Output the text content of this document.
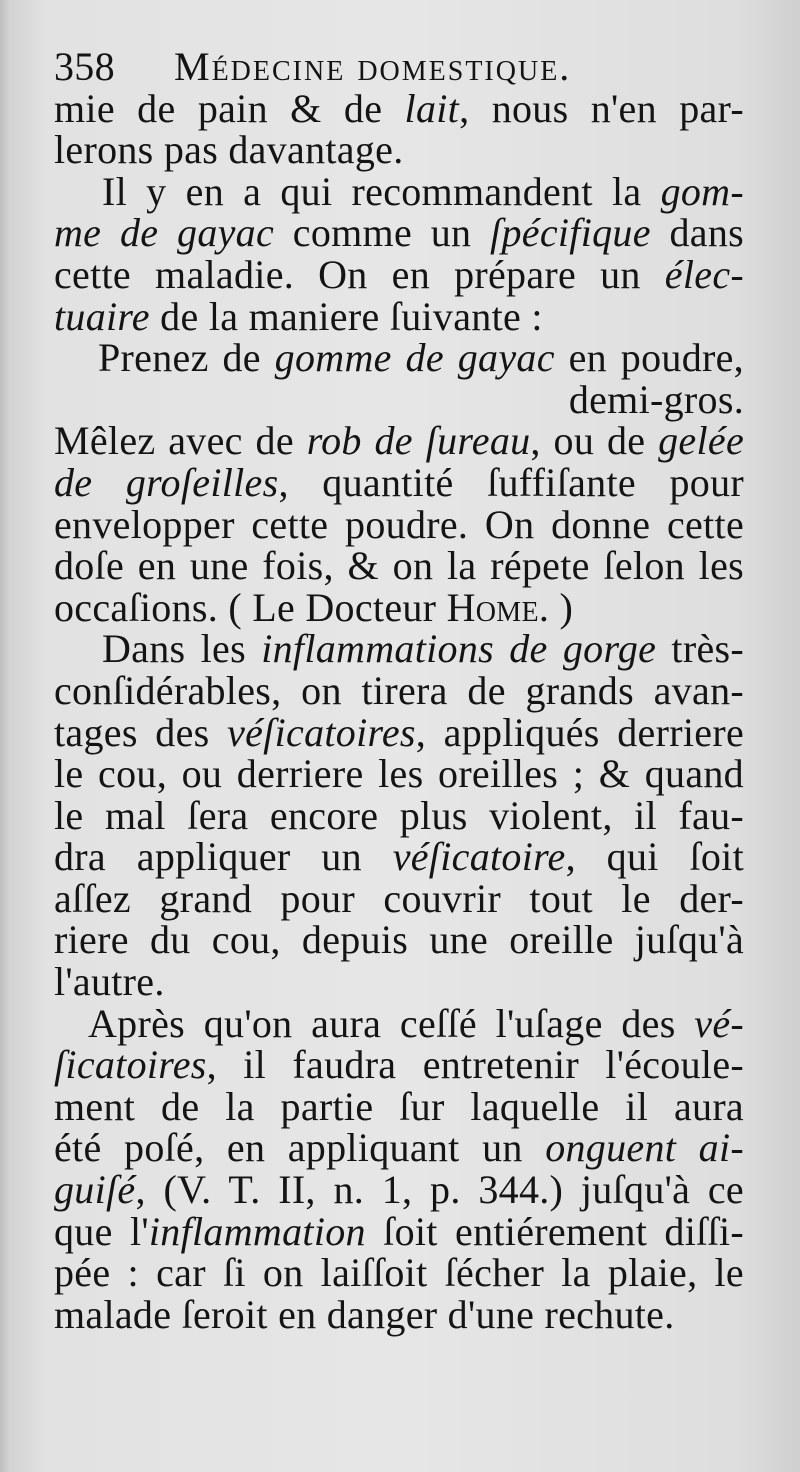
358	Médecine domestique.
mie de pain & de lait, nous n'en par-
lerons pas davantage.
Il y en a qui recommandent la gom-
me de gayac comme un ſpécifique dans
cette maladie. On en prépare un élec-
tuaire de la maniere ſuivante :
Prenez de gomme de gayac en poudre,
demi-gros.
Mêlez avec de rob de ſureau, ou de gelée
de groſeilles, quantité ſuffiſante pour
envelopper cette poudre. On donne cette
doſe en une fois, & on la répete ſelon les
occaſions. ( Le Docteur Home. )
Dans les inflammations de gorge très-
conſidérables, on tirera de grands avan-
tages des véſicatoires, appliqués derriere
le cou, ou derriere les oreilles ; & quand
le mal ſera encore plus violent, il fau-
dra appliquer un véſicatoire, qui ſoit
aſſez grand pour couvrir tout le der-
riere du cou, depuis une oreille juſqu'à
l'autre.
Après qu'on aura ceſſé l'uſage des vé-
ſicatoires, il faudra entretenir l'écoule-
ment de la partie ſur laquelle il aura
été poſé, en appliquant un onguent ai-
guiſé, (V. T. II, n. 1, p. 344.) juſqu'à ce
que l'inflammation ſoit entiérement diſſi-
pée : car ſi on laiſſoit ſécher la plaie, le
malade ſeroit en danger d'une rechute.
